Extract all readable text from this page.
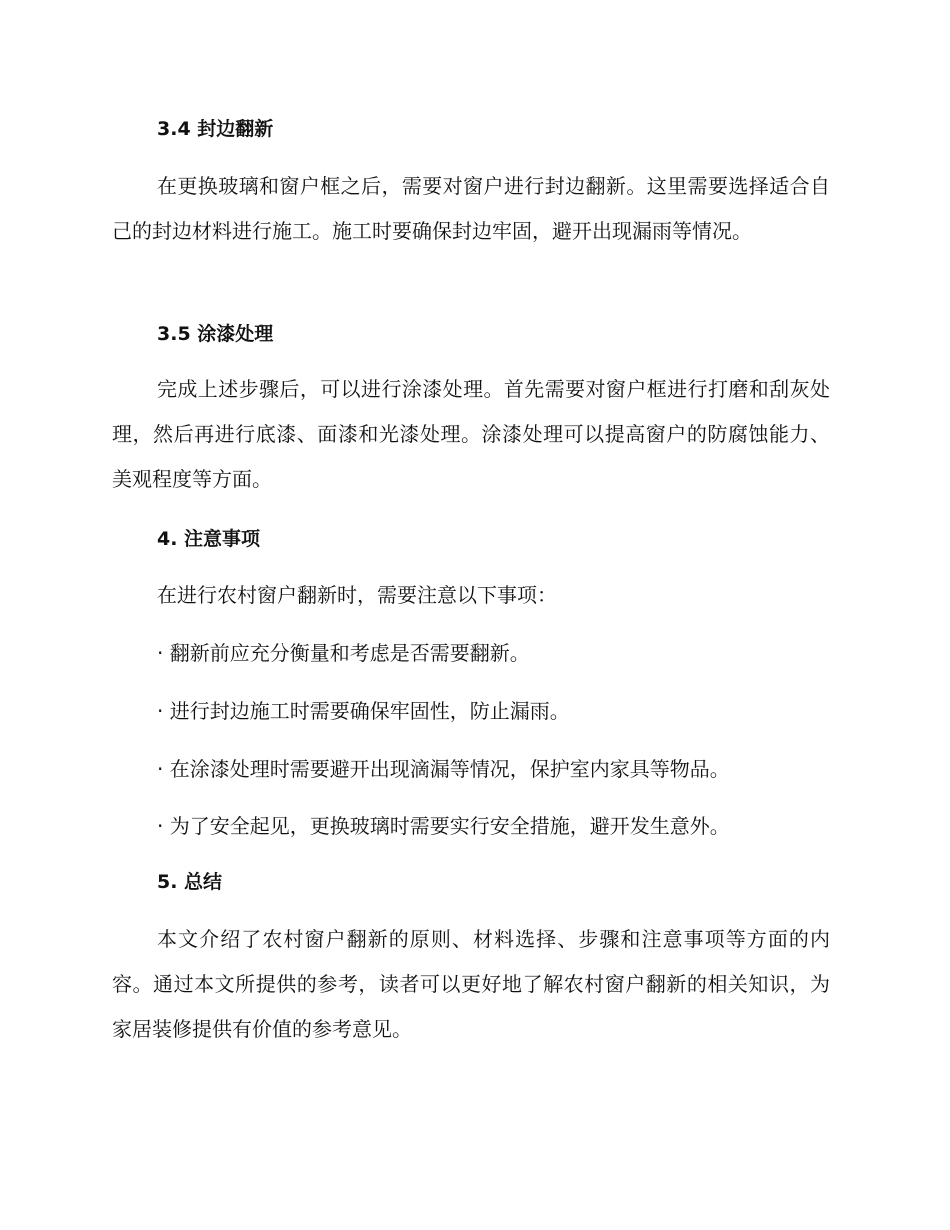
3.4 封边翻新
在更换玻璃和窗户框之后，需要对窗户进行封边翻新。这里需要选择适合自己的封边材料进行施工。施工时要确保封边牢固，避开出现漏雨等情况。
3.5 涂漆处理
完成上述步骤后，可以进行涂漆处理。首先需要对窗户框进行打磨和刮灰处理，然后再进行底漆、面漆和光漆处理。涂漆处理可以提高窗户的防腐蚀能力、美观程度等方面。
4. 注意事项
在进行农村窗户翻新时，需要注意以下事项：
· 翻新前应充分衡量和考虑是否需要翻新。
· 进行封边施工时需要确保牢固性，防止漏雨。
· 在涂漆处理时需要避开出现滴漏等情况，保护室内家具等物品。
· 为了安全起见，更换玻璃时需要实行安全措施，避开发生意外。
5. 总结
本文介绍了农村窗户翻新的原则、材料选择、步骤和注意事项等方面的内容。通过本文所提供的参考，读者可以更好地了解农村窗户翻新的相关知识，为家居装修提供有价值的参考意见。
